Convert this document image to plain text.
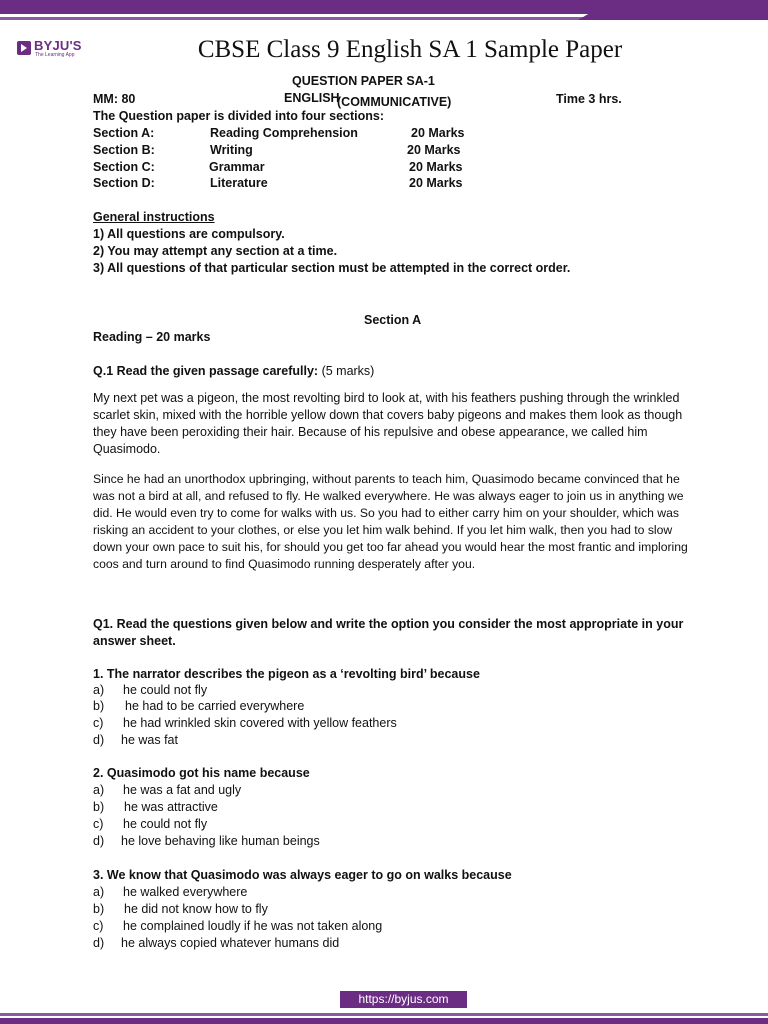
BYJU'S
The Learning App	CBSE Class 9 English SA 1 Sample Paper
QUESTION PAPER SA-1
MM: 80	ENGLISH
(COMMUNICATIVE)	Time 3 hrs.
The Question paper is divided into four sections:
Section A:	Reading Comprehension	20 Marks
Section B:	Writing	20 Marks
Section C:	Grammar	20 Marks
Section D:	Literature	20 Marks
General instructions
1) All questions are compulsory.
2) You may attempt any section at a time.
3) All questions of that particular section must be attempted in the correct order.
Section A
Reading – 20 marks
Q.1 Read the given passage carefully: (5 marks)
My next pet was a pigeon, the most revolting bird to look at, with his feathers pushing through the wrinkled scarlet skin, mixed with the horrible yellow down that covers baby pigeons and makes them look as though they have been peroxiding their hair. Because of his repulsive and obese appearance, we called him Quasimodo.
Since he had an unorthodox upbringing, without parents to teach him, Quasimodo became convinced that he was not a bird at all, and refused to fly. He walked everywhere. He was always eager to join us in anything we did. He would even try to come for walks with us. So you had to either carry him on your shoulder, which was risking an accident to your clothes, or else you let him walk behind. If you let him walk, then you had to slow down your own pace to suit his, for should you get too far ahead you would hear the most frantic and imploring coos and turn around to find Quasimodo running desperately after you.
Q1. Read the questions given below and write the option you consider the most appropriate in your answer sheet.
1. The narrator describes the pigeon as a ‘revolting bird’ because
a) he could not fly
b) he had to be carried everywhere
c) he had wrinkled skin covered with yellow feathers
d) he was fat
2. Quasimodo got his name because
a) he was a fat and ugly
b) he was attractive
c) he could not fly
d) he love behaving like human beings
3. We know that Quasimodo was always eager to go on walks because
a) he walked everywhere
b) he did not know how to fly
c) he complained loudly if he was not taken along
d) he always copied whatever humans did
https://byjus.com
